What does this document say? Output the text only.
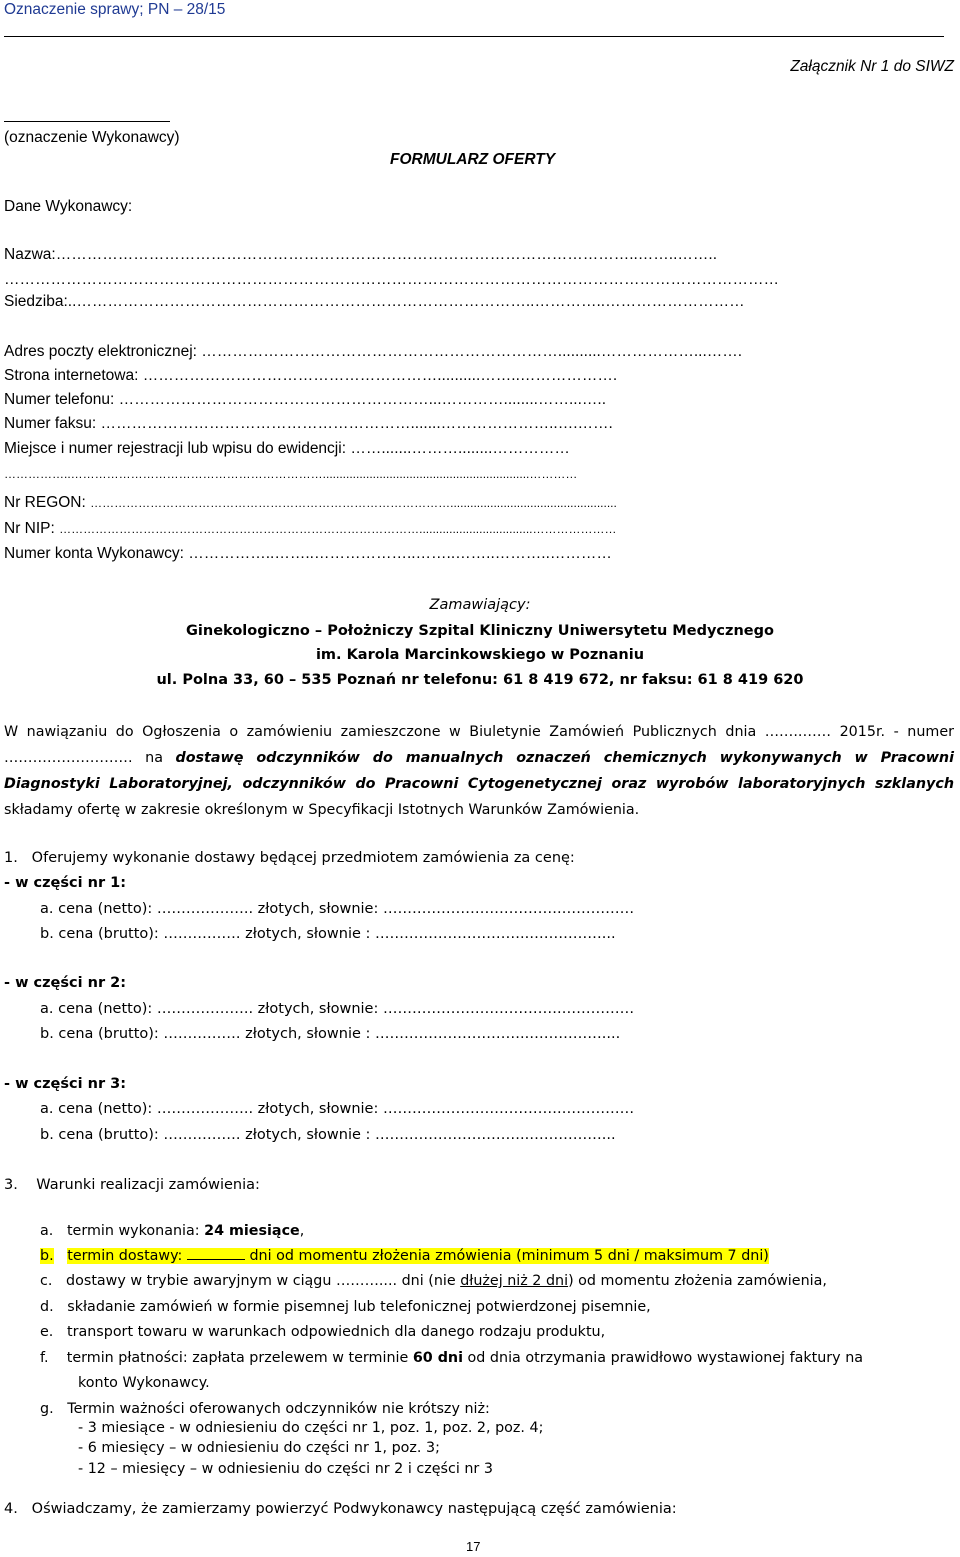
Oznaczenie sprawy; PN – 28/15
Załącznik Nr 1 do SIWZ
(oznaczenie Wykonawcy)
FORMULARZ OFERTY
Dane Wykonawcy:
Nazwa:…………………………………………………………………………………………………..……..……..
……………………………………………………………………………………………………………………………………
Siedziba:..……………………………………………………………………………..…………..………………………
Adres poczty elektronicznej: ……………………………………………………………..........………………...…….
Strona internetowa: …………………………………………………..........……..……………….
Numer telefonu: ……………………………………………………...…………........……...…..
Numer faksu: …………………………………………………….......…………………..….…….
Miejsce i numer rejestracji lub wpisu do ewidencji: …….......………........……………
……………..………………………………………………………..............................................................…………
Nr REGON: ………………………………………………………………………………..................................................
Nr NIP: ………………………………………………………………………………..................................…………………
Numer konta Wykonawcy: ……………..……..………………..……..……..………..…………
Zamawiający:
Ginekologiczno – Położniczy Szpital Kliniczny Uniwersytetu Medycznego
im. Karola Marcinkowskiego w Poznaniu
ul. Polna 33, 60 – 535 Poznań nr telefonu: 61 8 419 672, nr faksu: 61 8 419 620
W nawiązaniu do Ogłoszenia o zamówieniu zamieszczone w Biuletynie Zamówień Publicznych dnia ……..…… 2015r. - numer ……………………… na dostawę odczynników do manualnych oznaczeń chemicznych wykonywanych w Pracowni Diagnostyki Laboratoryjnej, odczynników do Pracowni Cytogenetycznej oraz wyrobów laboratoryjnych szklanych składamy ofertę w zakresie określonym w Specyfikacji Istotnych Warunków Zamówienia.
1. Oferujemy wykonanie dostawy będącej przedmiotem zamówienia za cenę:
- w części nr 1:
a. cena (netto): ……………….. złotych, słownie: ……………………………….……………
b. cena (brutto): ……………. złotych, słownie : …………………………..……………...
- w części nr 2:
a. cena (netto): ……………….. złotych, słownie: ……………………………….……………
b. cena (brutto): ……………. złotych, słownie : …………………………..……………....
- w części nr 3:
a. cena (netto): ……………….. złotych, słownie: ……………………………….……………
b. cena (brutto): ……………. złotych, słownie : …………………………..……………...
3. Warunki realizacji zamówienia:
a. termin wykonania: 24 miesiące,
b. termin dostawy:	dni od momentu złożenia zmówienia (minimum 5 dni / maksimum 7 dni)
c. dostawy w trybie awaryjnym w ciągu ……….... dni (nie dłużej niż 2 dni) od momentu złożenia zamówienia,
d. składanie zamówień w formie pisemnej lub telefonicznej potwierdzonej pisemnie,
e. transport towaru w warunkach odpowiednich dla danego rodzaju produktu,
f. termin płatności: zapłata przelewem w terminie 60 dni od dnia otrzymania prawidłowo wystawionej faktury na
konto Wykonawcy.
g. Termin ważności oferowanych odczynników nie krótszy niż:
- 3 miesiące - w odniesieniu do części nr 1, poz. 1, poz. 2, poz. 4;
- 6 miesięcy – w odniesieniu do części nr 1, poz. 3;
- 12 – miesięcy – w odniesieniu do części nr 2 i części nr 3
4. Oświadczamy, że zamierzamy powierzyć Podwykonawcy następującą część zamówienia:
17
